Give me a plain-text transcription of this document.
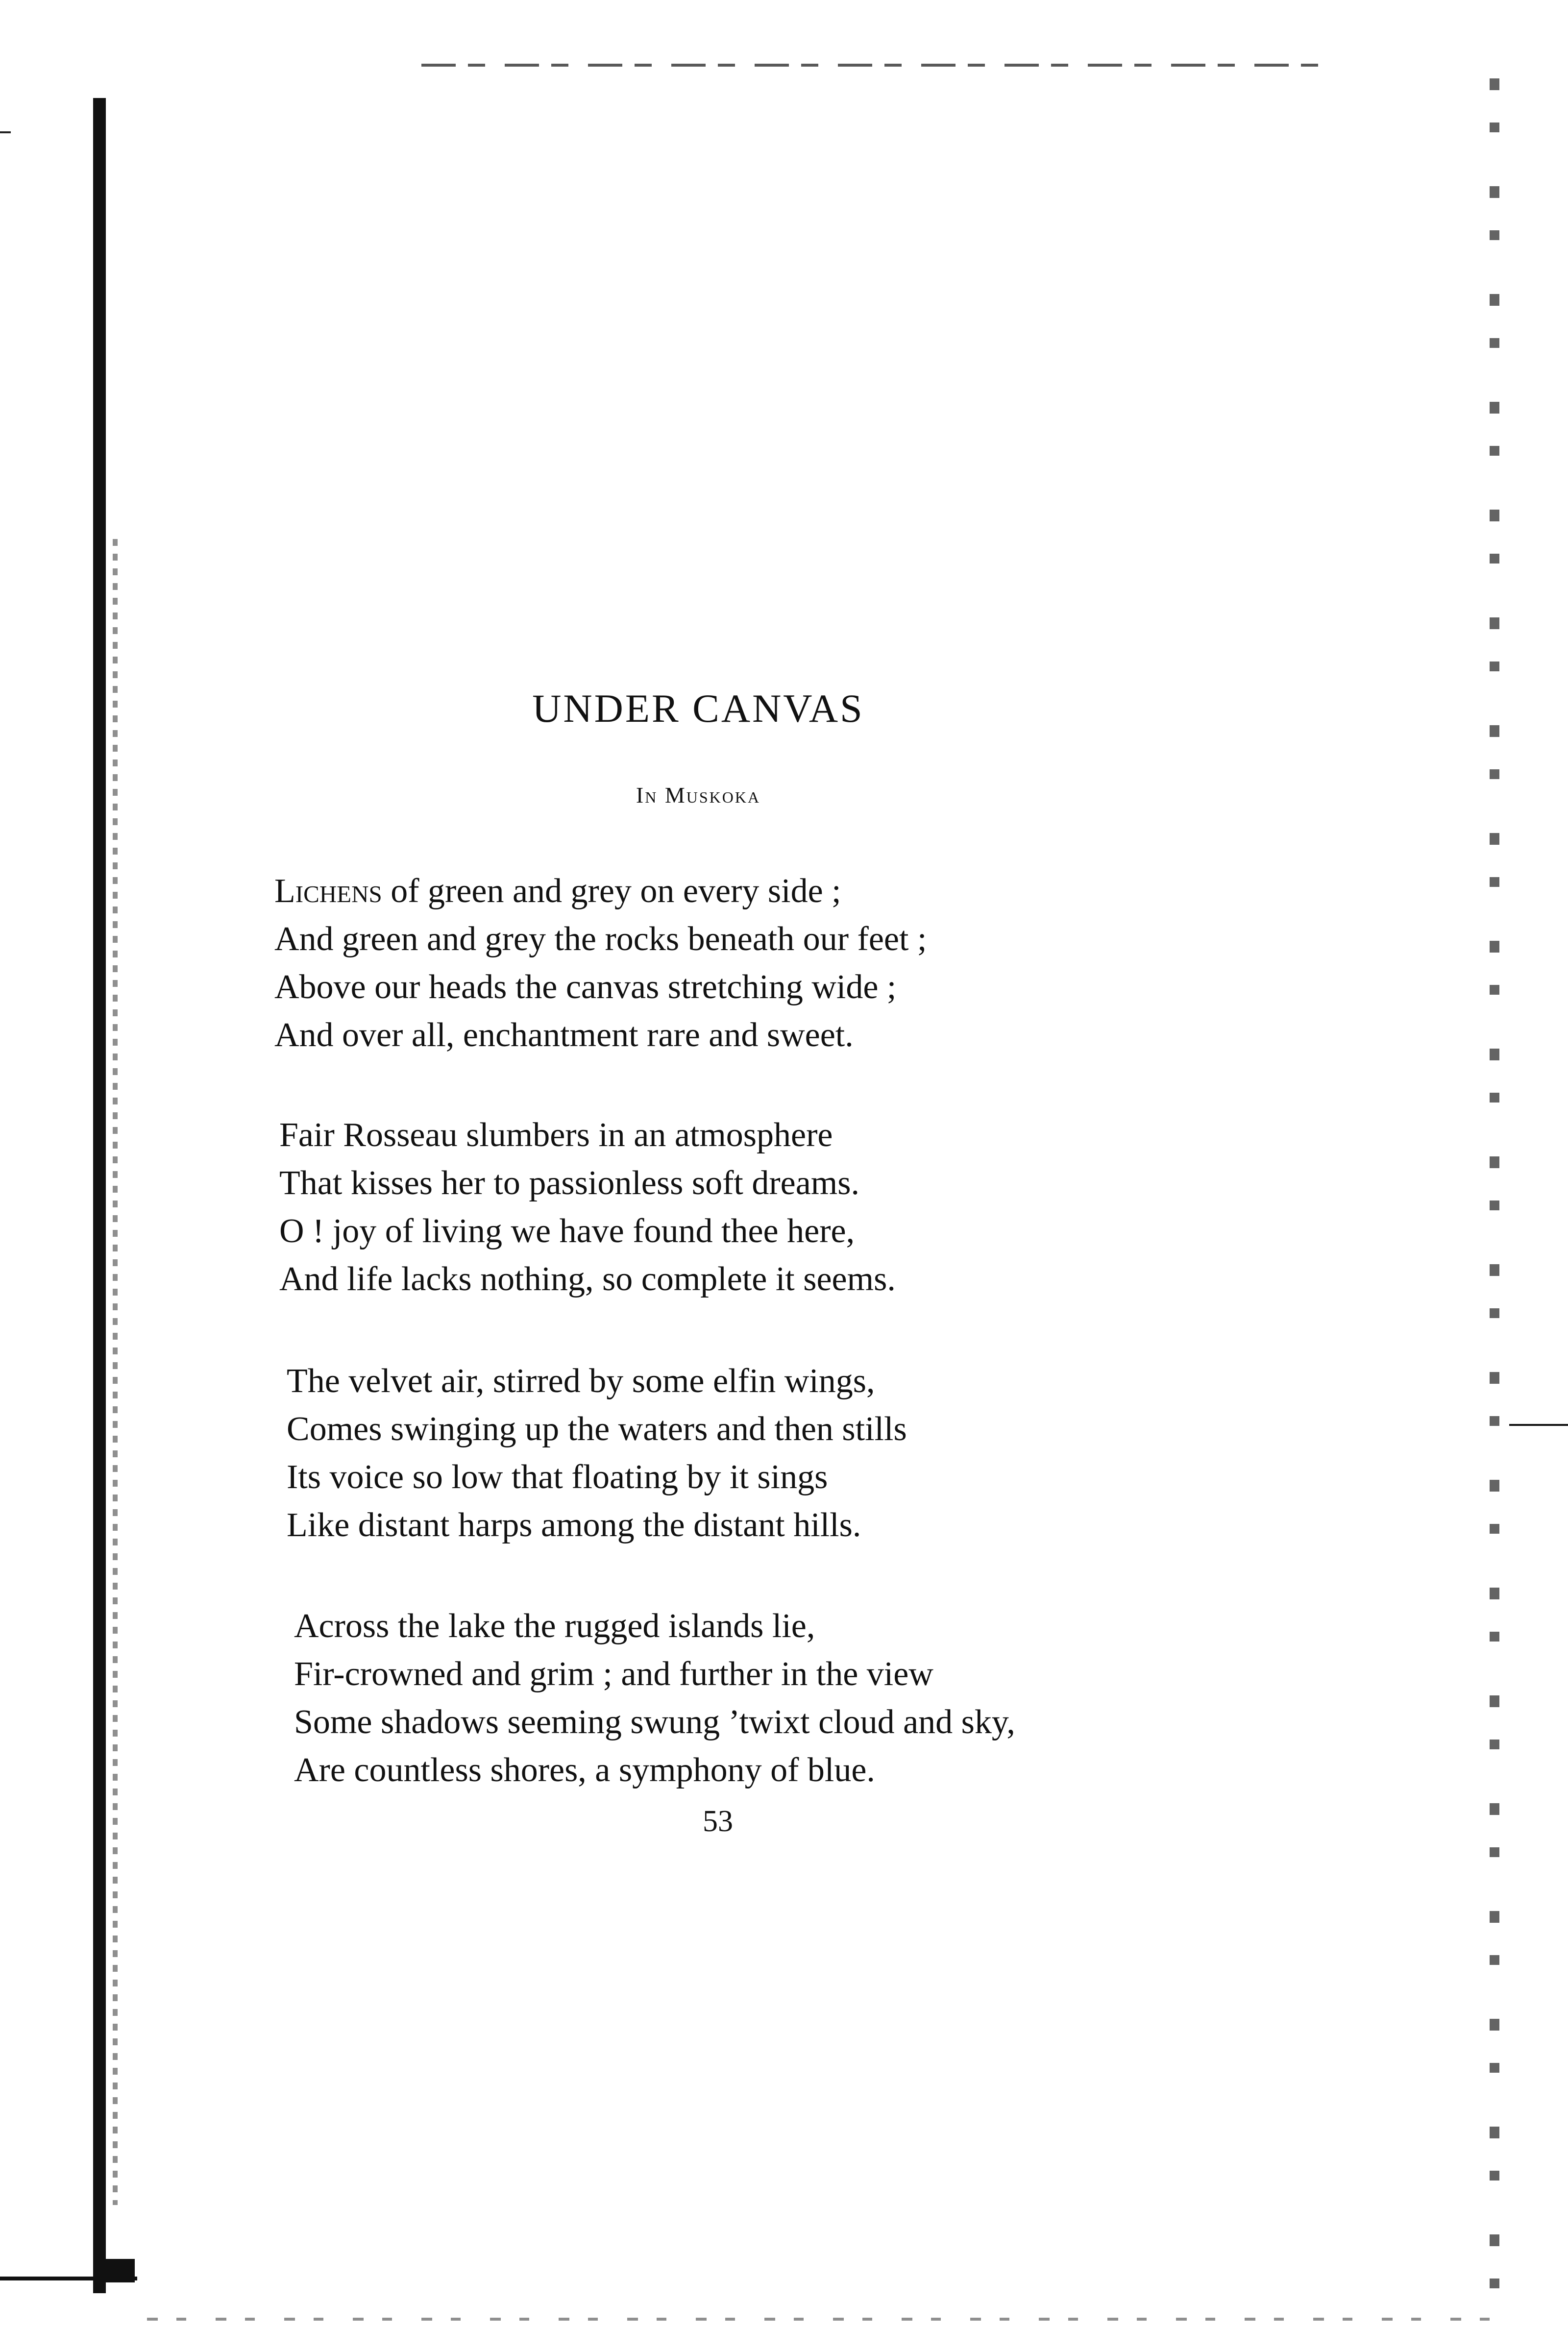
UNDER CANVAS
In Muskoka
Lichens of green and grey on every side ;
And green and grey the rocks beneath our feet ;
Above our heads the canvas stretching wide ;
And over all, enchantment rare and sweet.
Fair Rosseau slumbers in an atmosphere
That kisses her to passionless soft dreams.
O ! joy of living we have found thee here,
And life lacks nothing, so complete it seems.
The velvet air, stirred by some elfin wings,
Comes swinging up the waters and then stills
Its voice so low that floating by it sings
Like distant harps among the distant hills.
Across the lake the rugged islands lie,
Fir-crowned and grim ; and further in the view
Some shadows seeming swung ’twixt cloud and sky,
Are countless shores, a symphony of blue.
53
